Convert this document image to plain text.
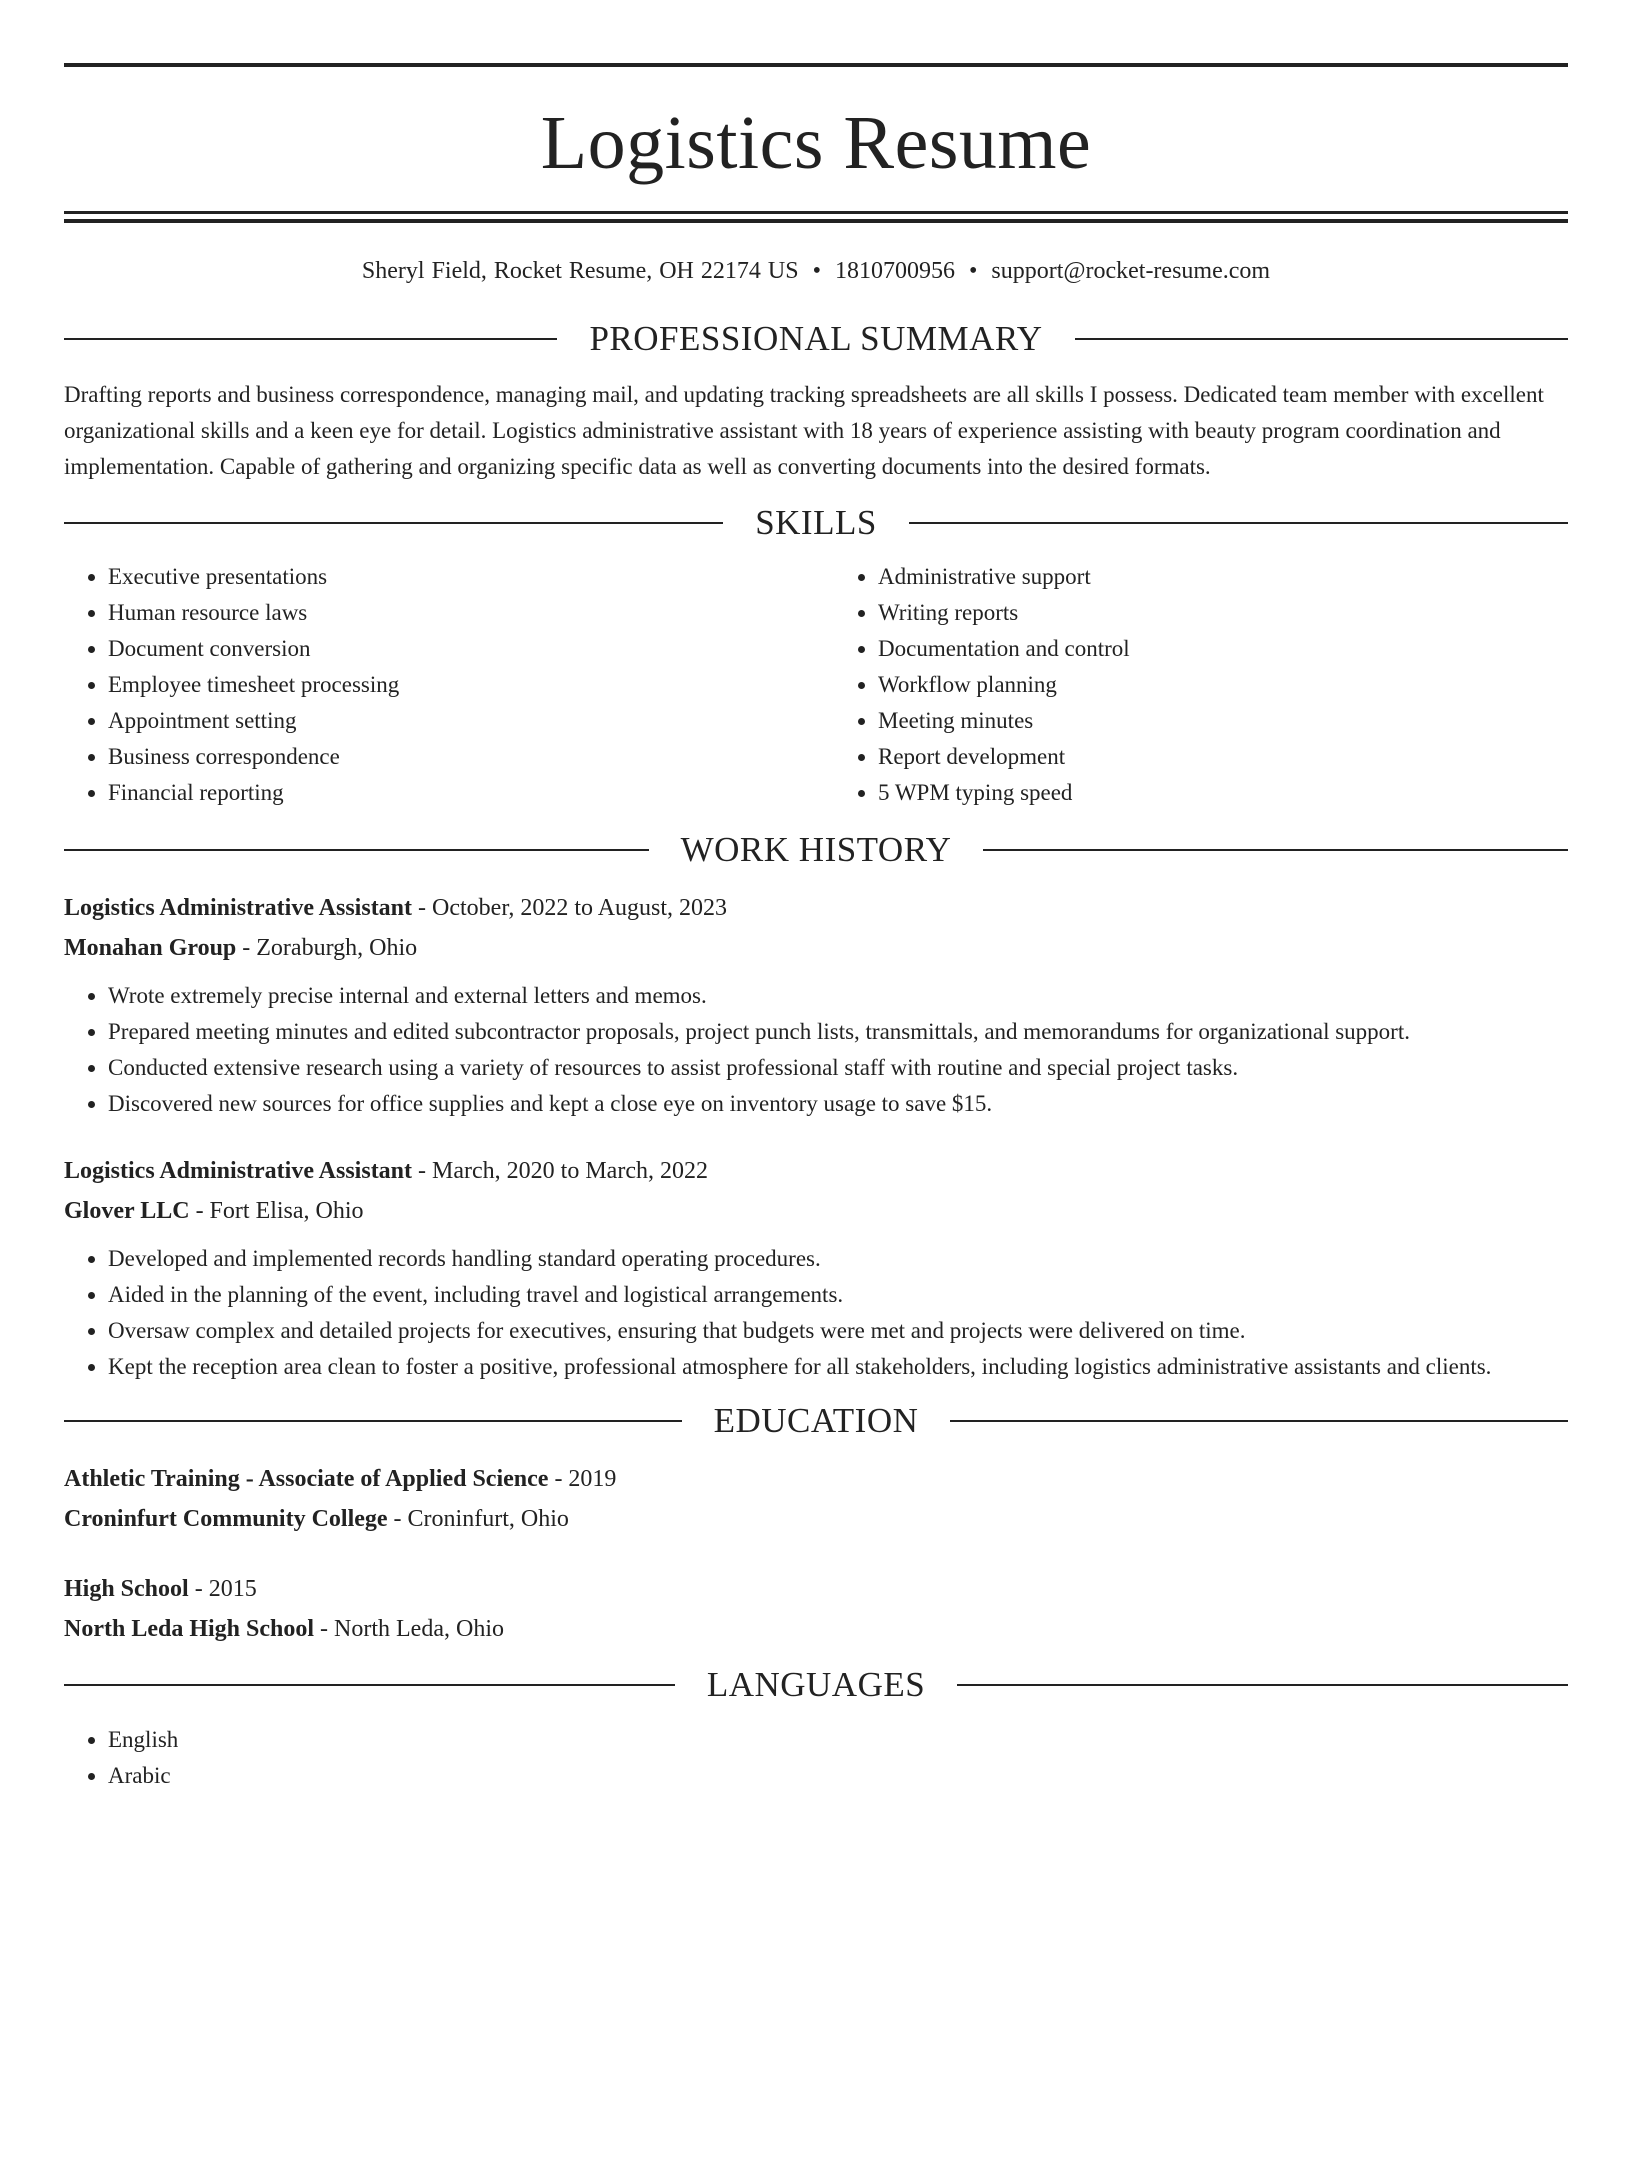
Logistics Resume
Sheryl Field, Rocket Resume, OH 22174 US • 1810700956 • support@rocket-resume.com
PROFESSIONAL SUMMARY

Drafting reports and business correspondence, managing mail, and updating tracking spreadsheets are all skills I possess. Dedicated team member with excellent organizational skills and a keen eye for detail. Logistics administrative assistant with 18 years of experience assisting with beauty program coordination and implementation. Capable of gathering and organizing specific data as well as converting documents into the desired formats.

SKILLS
• Executive presentations
• Human resource laws
• Document conversion
• Employee timesheet processing
• Appointment setting
• Business correspondence
• Financial reporting
• Administrative support
• Writing reports
• Documentation and control
• Workflow planning
• Meeting minutes
• Report development
• 5 WPM typing speed
WORK HISTORY
Logistics Administrative Assistant - October, 2022 to August, 2023
Monahan Group - Zoraburgh, Ohio
• Wrote extremely precise internal and external letters and memos.
• Prepared meeting minutes and edited subcontractor proposals, project punch lists, transmittals, and memorandums for organizational support.
• Conducted extensive research using a variety of resources to assist professional staff with routine and special project tasks.
• Discovered new sources for office supplies and kept a close eye on inventory usage to save $15.
Logistics Administrative Assistant - March, 2020 to March, 2022
Glover LLC - Fort Elisa, Ohio
• Developed and implemented records handling standard operating procedures.
• Aided in the planning of the event, including travel and logistical arrangements.
• Oversaw complex and detailed projects for executives, ensuring that budgets were met and projects were delivered on time.
• Kept the reception area clean to foster a positive, professional atmosphere for all stakeholders, including logistics administrative assistants and clients.
EDUCATION
Athletic Training - Associate of Applied Science - 2019
Croninfurt Community College - Croninfurt, Ohio
High School - 2015
North Leda High School - North Leda, Ohio
LANGUAGES
• English
• Arabic
